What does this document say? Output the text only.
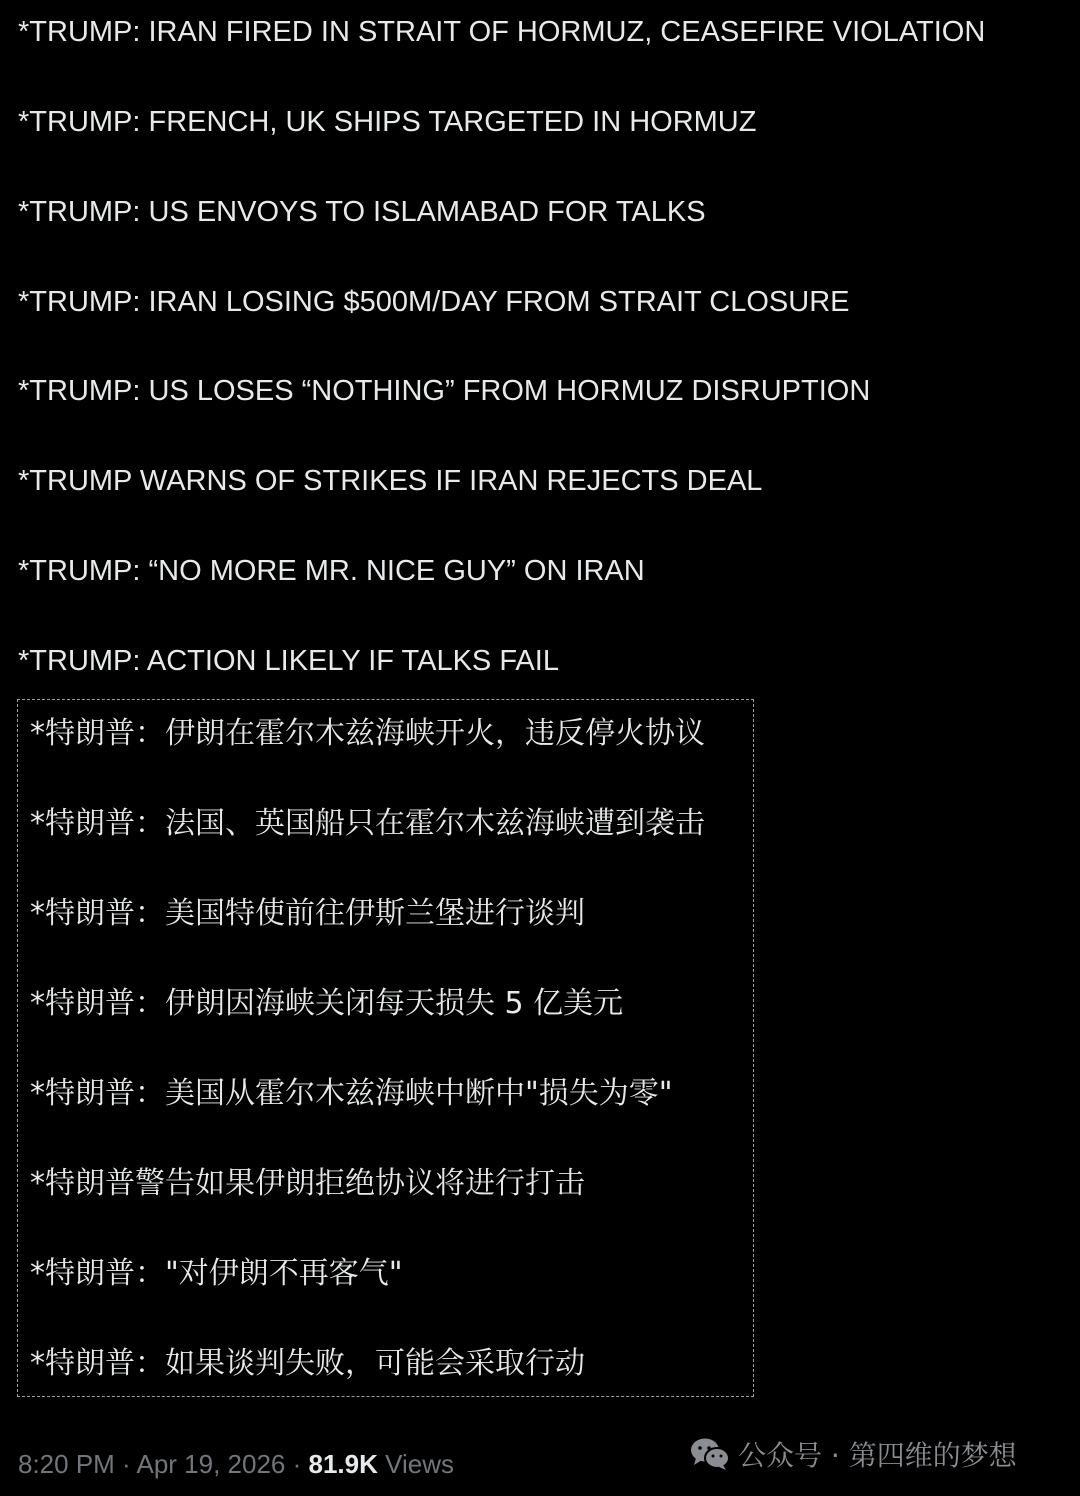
*TRUMP: IRAN FIRED IN STRAIT OF HORMUZ, CEASEFIRE VIOLATION
*TRUMP: FRENCH, UK SHIPS TARGETED IN HORMUZ
*TRUMP: US ENVOYS TO ISLAMABAD FOR TALKS
*TRUMP: IRAN LOSING $500M/DAY FROM STRAIT CLOSURE
*TRUMP: US LOSES “NOTHING” FROM HORMUZ DISRUPTION
*TRUMP WARNS OF STRIKES IF IRAN REJECTS DEAL
*TRUMP: “NO MORE MR. NICE GUY” ON IRAN
*TRUMP: ACTION LIKELY IF TALKS FAIL
*特朗普：伊朗在霍尔木兹海峡开火，违反停火协议
*特朗普：法国、英国船只在霍尔木兹海峡遭到袭击
*特朗普：美国特使前往伊斯兰堡进行谈判
*特朗普：伊朗因海峡关闭每天损失 5 亿美元
*特朗普：美国从霍尔木兹海峡中断中"损失为零"
*特朗普警告如果伊朗拒绝协议将进行打击
*特朗普："对伊朗不再客气"
*特朗普：如果谈判失败，可能会采取行动
8:20 PM · Apr 19, 2026 · 81.9K Views	公众号 · 第四维的梦想
